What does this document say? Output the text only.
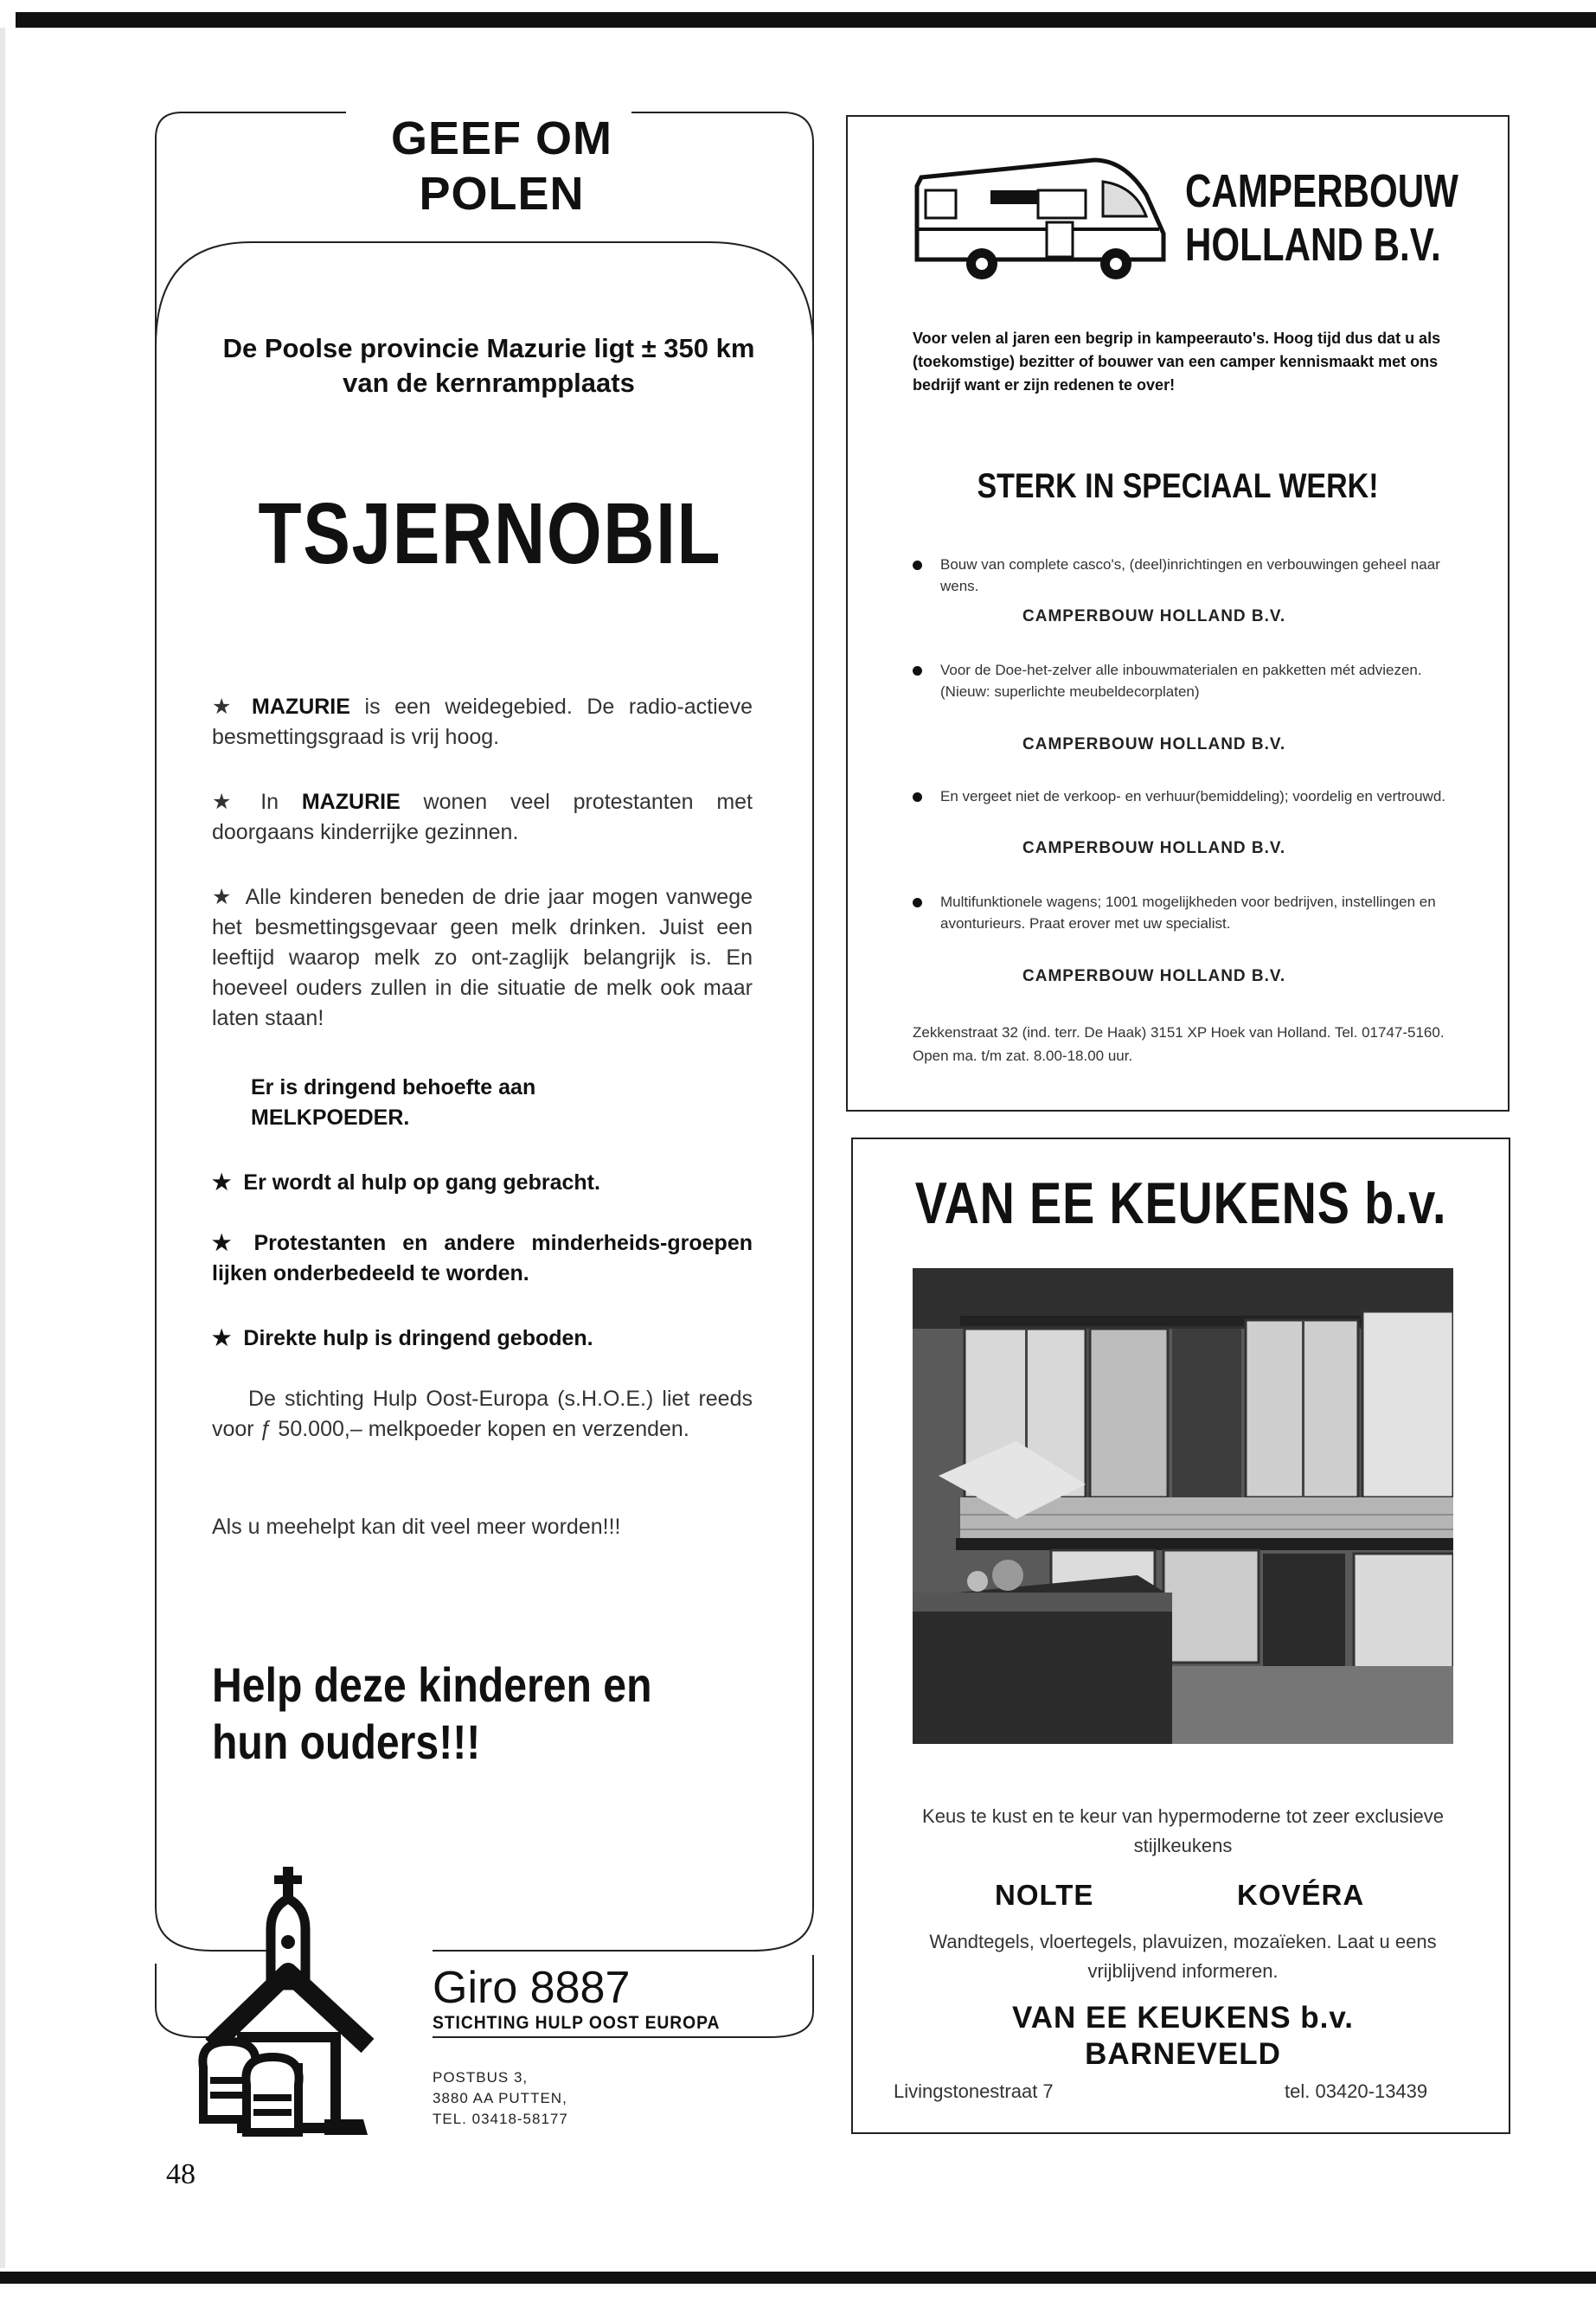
GEEF OM
POLEN
De Poolse provincie Mazurie ligt ± 350 km van de kernrampplaats
TSJERNOBIL
★ MAZURIE is een weidegebied. De radio-actieve besmettingsgraad is vrij hoog.
★ In MAZURIE wonen veel protestanten met doorgaans kinderrijke gezinnen.
★ Alle kinderen beneden de drie jaar mogen vanwege het besmettingsgevaar geen melk drinken. Juist een leeftijd waarop melk zo ont-zaglijk belangrijk is. En hoeveel ouders zullen in die situatie de melk ook maar laten staan!
Er is dringend behoefte aan MELKPOEDER.
★ Er wordt al hulp op gang gebracht.
★ Protestanten en andere minderheids-groepen lijken onderbedeeld te worden.
★ Direkte hulp is dringend geboden.
De stichting Hulp Oost-Europa (s.H.O.E.) liet reeds voor ƒ 50.000,– melkpoeder kopen en verzenden.
Als u meehelpt kan dit veel meer worden!!!
Help deze kinderen en
hun ouders!!!
Giro 8887
STICHTING HULP OOST EUROPA
POSTBUS 3,
3880 AA PUTTEN,
TEL. 03418-58177
48
CAMPERBOUW
HOLLAND B.V.
Voor velen al jaren een begrip in kampeerauto's. Hoog tijd dus dat u als (toekomstige) bezitter of bouwer van een camper kennismaakt met ons bedrijf want er zijn redenen te over!
STERK IN SPECIAAL WERK!
Bouw van complete casco's, (deel)inrichtingen en verbouwingen geheel naar wens.
CAMPERBOUW HOLLAND B.V.
Voor de Doe-het-zelver alle inbouwmaterialen en pakketten mét adviezen. (Nieuw: superlichte meubeldecorplaten)
CAMPERBOUW HOLLAND B.V.
En vergeet niet de verkoop- en verhuur(bemiddeling); voordelig en vertrouwd.
CAMPERBOUW HOLLAND B.V.
Multifunktionele wagens; 1001 mogelijkheden voor bedrijven, instellingen en avonturieurs. Praat erover met uw specialist.
CAMPERBOUW HOLLAND B.V.
Zekkenstraat 32 (ind. terr. De Haak) 3151 XP Hoek van Holland. Tel. 01747-5160. Open ma. t/m zat. 8.00-18.00 uur.
VAN EE KEUKENS b.v.
Keus te kust en te keur van hypermoderne tot zeer exclusieve stijlkeukens
NOLTE	KOVÉRA
Wandtegels, vloertegels, plavuizen, mozaïeken. Laat u eens vrijblijvend informeren.
VAN EE KEUKENS b.v.
BARNEVELD
Livingstonestraat 7	tel. 03420-13439
